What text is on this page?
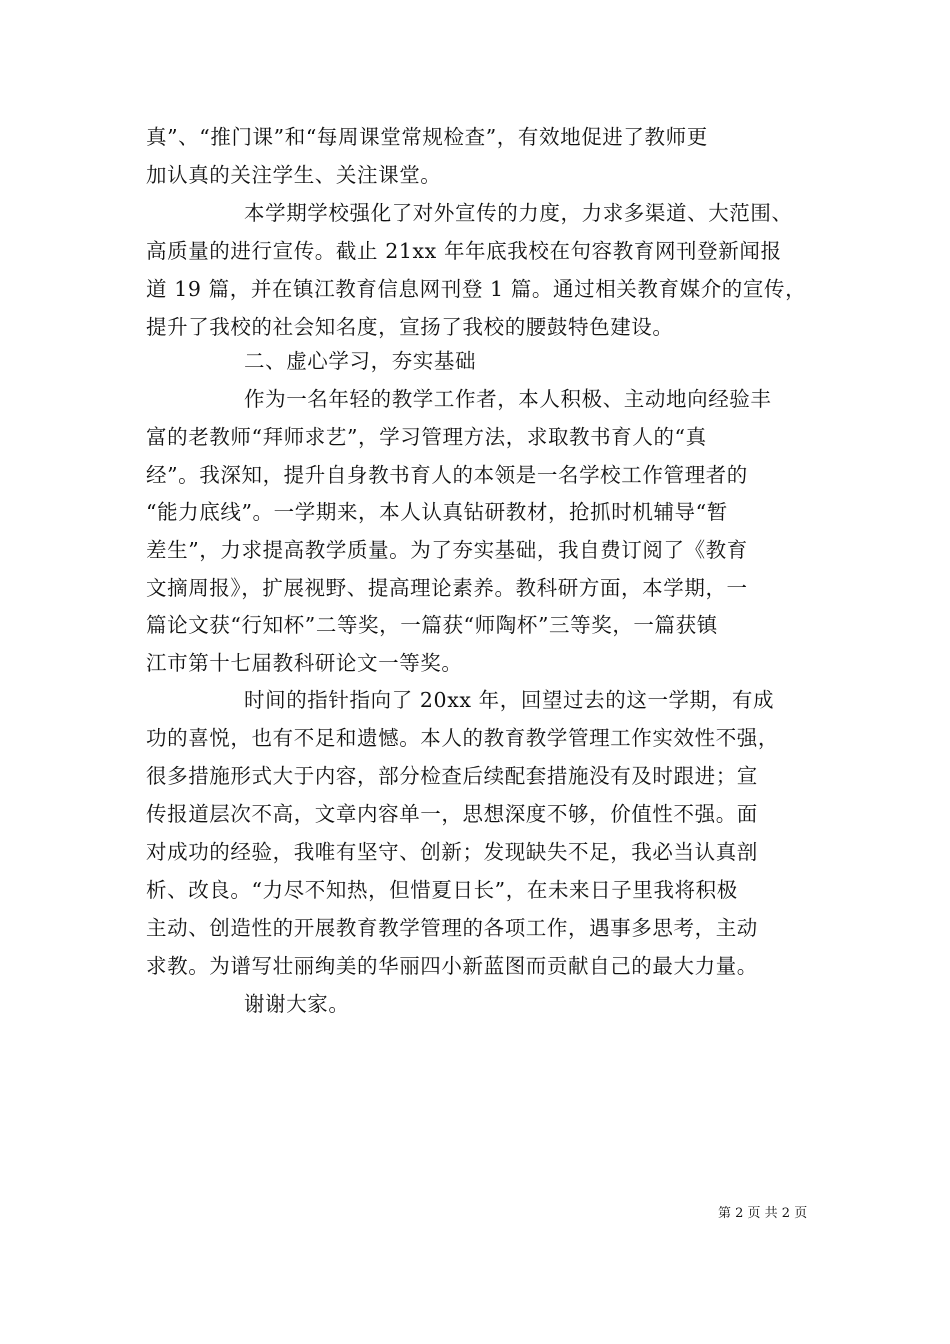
真”、“推门课”和“每周课堂常规检查”，有效地促进了教师更
加认真的关注学生、关注课堂。
本学期学校强化了对外宣传的力度，力求多渠道、大范围、
高质量的进行宣传。截止 21xx 年年底我校在句容教育网刊登新闻报
道 19 篇，并在镇江教育信息网刊登 1 篇。通过相关教育媒介的宣传，
提升了我校的社会知名度，宣扬了我校的腰鼓特色建设。
二、虚心学习，夯实基础
作为一名年轻的教学工作者，本人积极、主动地向经验丰
富的老教师“拜师求艺”，学习管理方法，求取教书育人的“真
经”。我深知，提升自身教书育人的本领是一名学校工作管理者的
“能力底线”。一学期来，本人认真钻研教材，抢抓时机辅导“暂
差生”，力求提高教学质量。为了夯实基础，我自费订阅了《教育
文摘周报》，扩展视野、提高理论素养。教科研方面，本学期，一
篇论文获“行知杯”二等奖，一篇获“师陶杯”三等奖，一篇获镇
江市第十七届教科研论文一等奖。
时间的指针指向了 20xx 年，回望过去的这一学期，有成
功的喜悦，也有不足和遗憾。本人的教育教学管理工作实效性不强，
很多措施形式大于内容，部分检查后续配套措施没有及时跟进；宣
传报道层次不高，文章内容单一，思想深度不够，价值性不强。面
对成功的经验，我唯有坚守、创新；发现缺失不足，我必当认真剖
析、改良。“力尽不知热，但惜夏日长”，在未来日子里我将积极
主动、创造性的开展教育教学管理的各项工作，遇事多思考，主动
求教。为谱写壮丽绚美的华丽四小新蓝图而贡献自己的最大力量。
谢谢大家。
第 2 页 共 2 页
